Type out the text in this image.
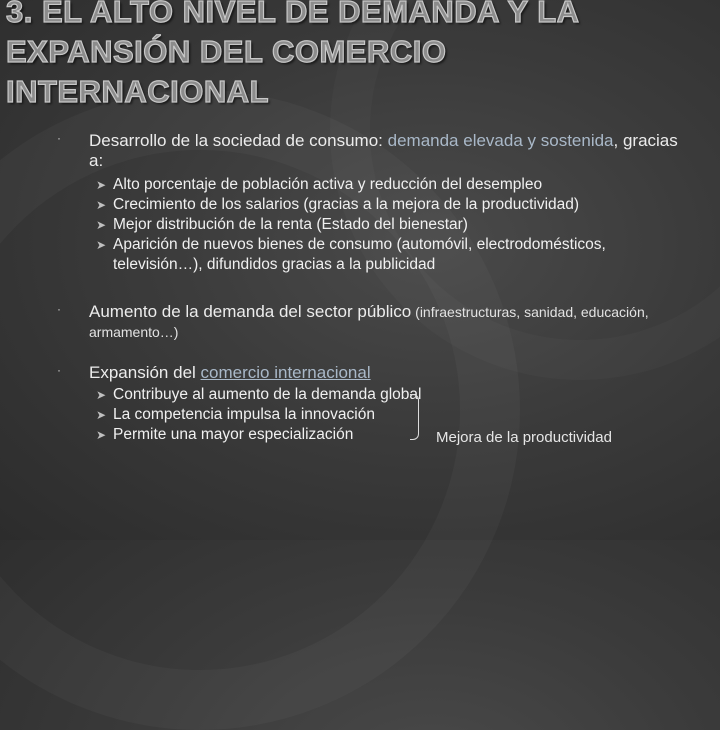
3. EL ALTO NIVEL DE DEMANDA Y LA
EXPANSIÓN DEL COMERCIO
INTERNACIONAL
· Desarrollo de la sociedad de consumo: demanda elevada y sostenida, gracias a:
➤ Alto porcentaje de población activa y reducción del desempleo
➤ Crecimiento de los salarios (gracias a la mejora de la productividad)
➤ Mejor distribución de la renta (Estado del bienestar)
➤ Aparición de nuevos bienes de consumo (automóvil, electrodomésticos,
televisión…), difundidos gracias a la publicidad
· Aumento de la demanda del sector público (infraestructuras, sanidad, educación, armamento…)
· Expansión del comercio internacional
➤ Contribuye al aumento de la demanda global
➤ La competencia impulsa la innovación
➤ Permite una mayor especialización	Mejora de la productividad
